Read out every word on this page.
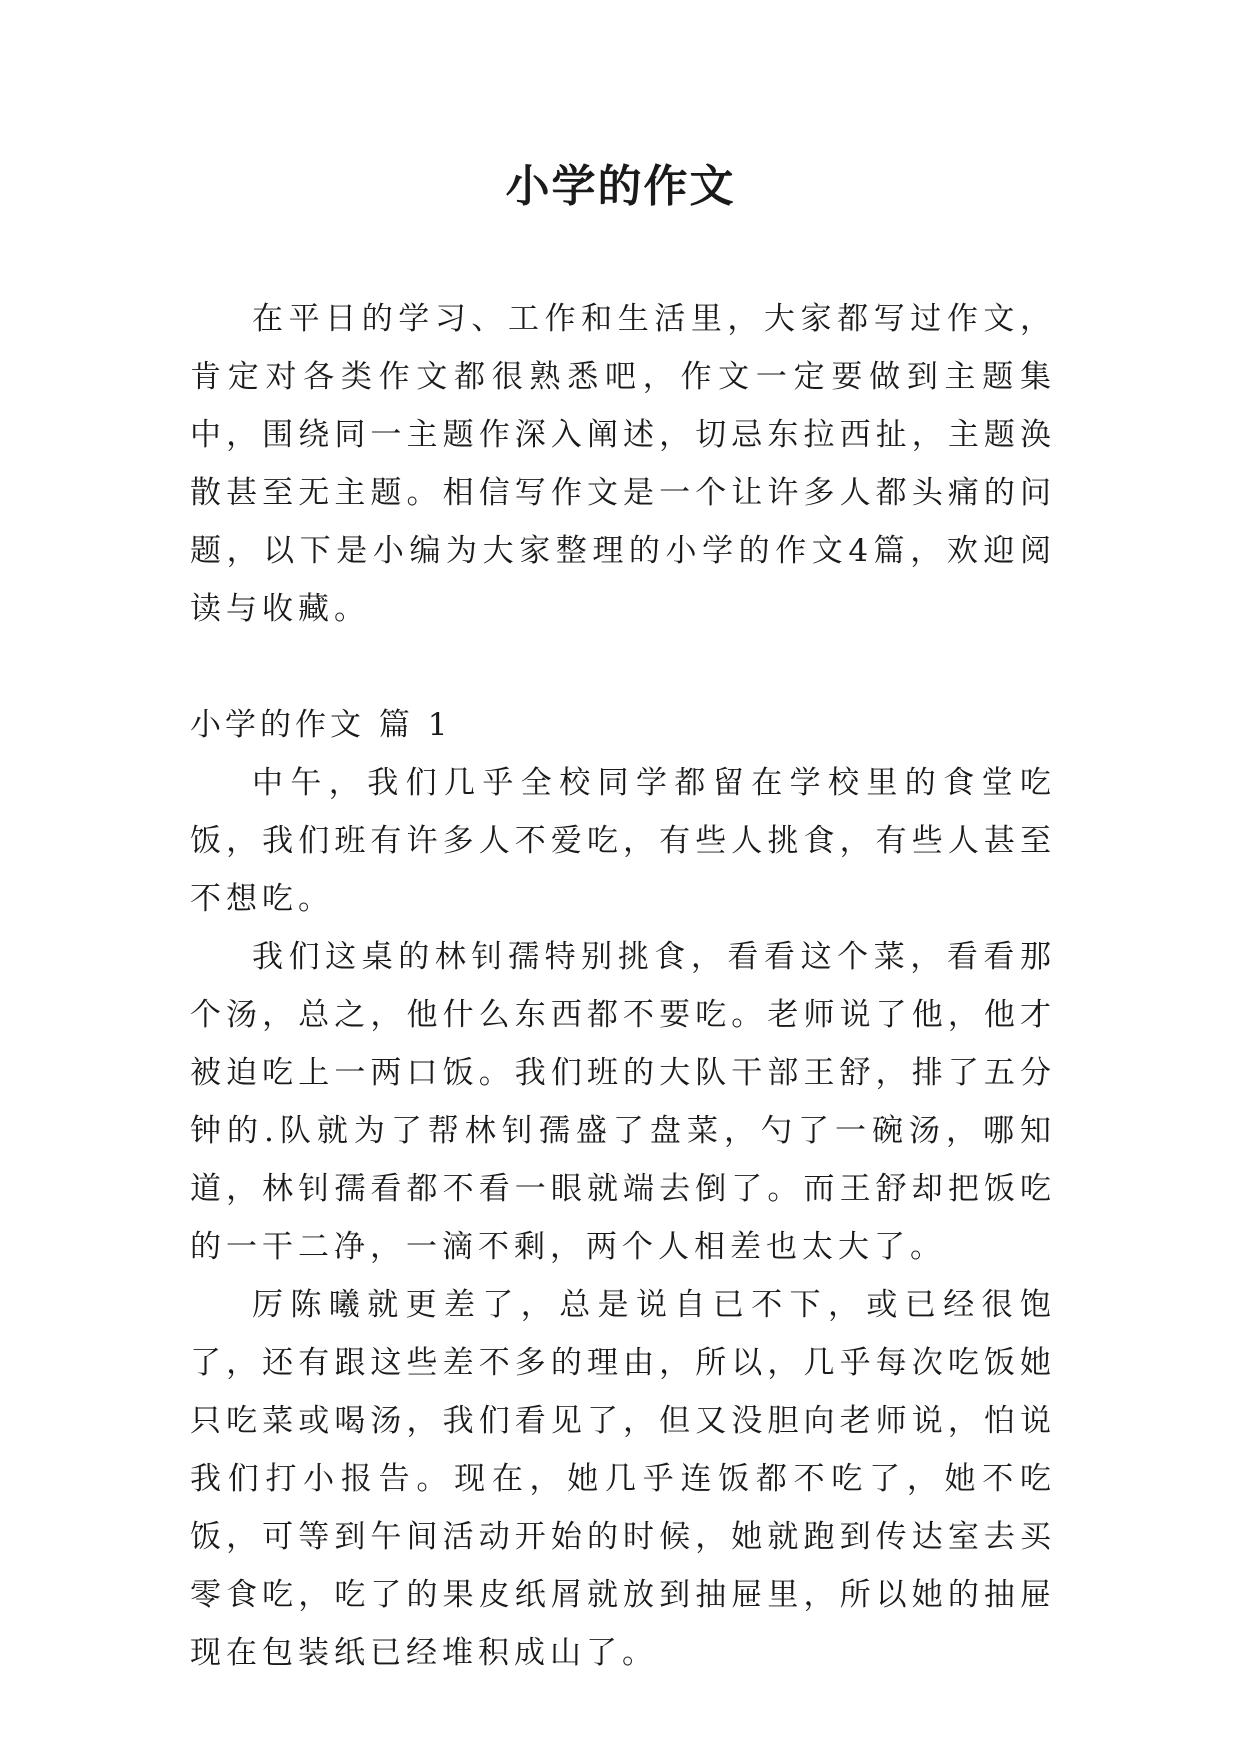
小学的作文

在平日的学习、工作和生活里，大家都写过作文，肯定对各类作文都很熟悉吧，作文一定要做到主题集中，围绕同一主题作深入阐述，切忌东拉西扯，主题涣散甚至无主题。相信写作文是一个让许多人都头痛的问题，以下是小编为大家整理的小学的作文4篇，欢迎阅读与收藏。

小学的作文 篇 1

中午，我们几乎全校同学都留在学校里的食堂吃饭，我们班有许多人不爱吃，有些人挑食，有些人甚至不想吃。

我们这桌的林钊孺特别挑食，看看这个菜，看看那个汤，总之，他什么东西都不要吃。老师说了他，他才被迫吃上一两口饭。我们班的大队干部王舒，排了五分钟的.队就为了帮林钊孺盛了盘菜，勺了一碗汤，哪知道，林钊孺看都不看一眼就端去倒了。而王舒却把饭吃的一干二净，一滴不剩，两个人相差也太大了。

厉陈曦就更差了，总是说自已不下，或已经很饱了，还有跟这些差不多的理由，所以，几乎每次吃饭她只吃菜或喝汤，我们看见了，但又没胆向老师说，怕说我们打小报告。现在，她几乎连饭都不吃了，她不吃饭，可等到午间活动开始的时候，她就跑到传达室去买零食吃，吃了的果皮纸屑就放到抽屉里，所以她的抽屉现在包装纸已经堆积成山了。
